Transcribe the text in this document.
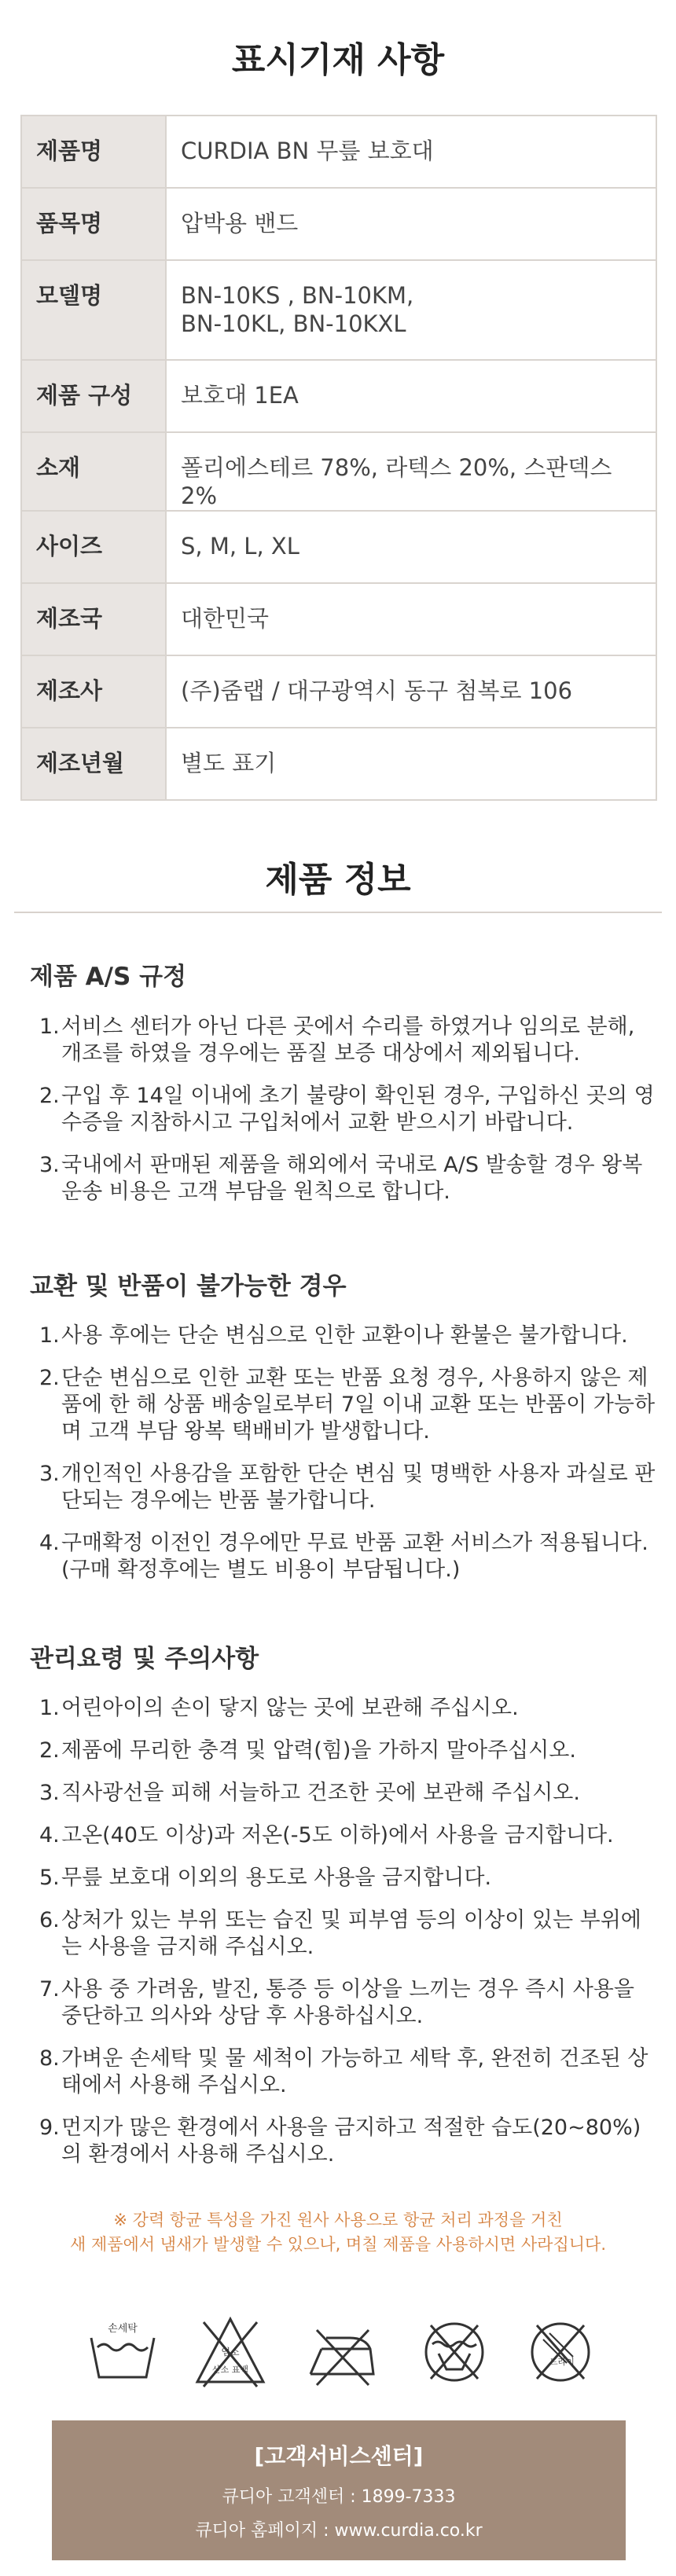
표시기재 사항
제품명	CURDIA BN 무릎 보호대
품목명	압박용 밴드
모델명	BN-10KS , BN-10KM,
BN-10KL, BN-10KXL
제품 구성	보호대 1EA
소재	폴리에스테르 78%, 라텍스 20%, 스판덱스 2%
사이즈	S, M, L, XL
제조국	대한민국
제조사	(주)줌랩 / 대구광역시 동구 첨복로 106
제조년월	별도 표기
제품 정보
제품 A/S 규정
1. 서비스 센터가 아닌 다른 곳에서 수리를 하였거나 임의로 분해, 개조를 하였을 경우에는 품질 보증 대상에서 제외됩니다.
2. 구입 후 14일 이내에 초기 불량이 확인된 경우, 구입하신 곳의 영수증을 지참하시고 구입처에서 교환 받으시기 바랍니다.
3. 국내에서 판매된 제품을 해외에서 국내로 A/S 발송할 경우 왕복 운송 비용은 고객 부담을 원칙으로 합니다.
교환 및 반품이 불가능한 경우
1. 사용 후에는 단순 변심으로 인한 교환이나 환불은 불가합니다.
2. 단순 변심으로 인한 교환 또는 반품 요청 경우, 사용하지 않은 제품에 한 해 상품 배송일로부터 7일 이내 교환 또는 반품이 가능하며 고객 부담 왕복 택배비가 발생합니다.
3. 개인적인 사용감을 포함한 단순 변심 및 명백한 사용자 과실로 판단되는 경우에는 반품 불가합니다.
4. 구매확정 이전인 경우에만 무료 반품 교환 서비스가 적용됩니다. (구매 확정후에는 별도 비용이 부담됩니다.)
관리요령 및 주의사항
1. 어린아이의 손이 닿지 않는 곳에 보관해 주십시오.
2. 제품에 무리한 충격 및 압력(힘)을 가하지 말아주십시오.
3. 직사광선을 피해 서늘하고 건조한 곳에 보관해 주십시오.
4. 고온(40도 이상)과 저온(-5도 이하)에서 사용을 금지합니다.
5. 무릎 보호대 이외의 용도로 사용을 금지합니다.
6. 상처가 있는 부위 또는 습진 및 피부염 등의 이상이 있는 부위에는 사용을 금지해 주십시오.
7. 사용 중 가려움, 발진, 통증 등 이상을 느끼는 경우 즉시 사용을 중단하고 의사와 상담 후 사용하십시오.
8. 가벼운 손세탁 및 물 세척이 가능하고 세탁 후, 완전히 건조된 상태에서 사용해 주십시오.
9. 먼지가 많은 환경에서 사용을 금지하고 적절한 습도(20~80%)의 환경에서 사용해 주십시오.
※ 강력 항균 특성을 가진 원사 사용으로 항균 처리 과정을 거친
새 제품에서 냄새가 발생할 수 있으나, 며칠 제품을 사용하시면 사라집니다.
손세탁
염소
산소 표백
드라이
[고객서비스센터]
큐디아 고객센터 : 1899-7333
큐디아 홈페이지 : www.curdia.co.kr
